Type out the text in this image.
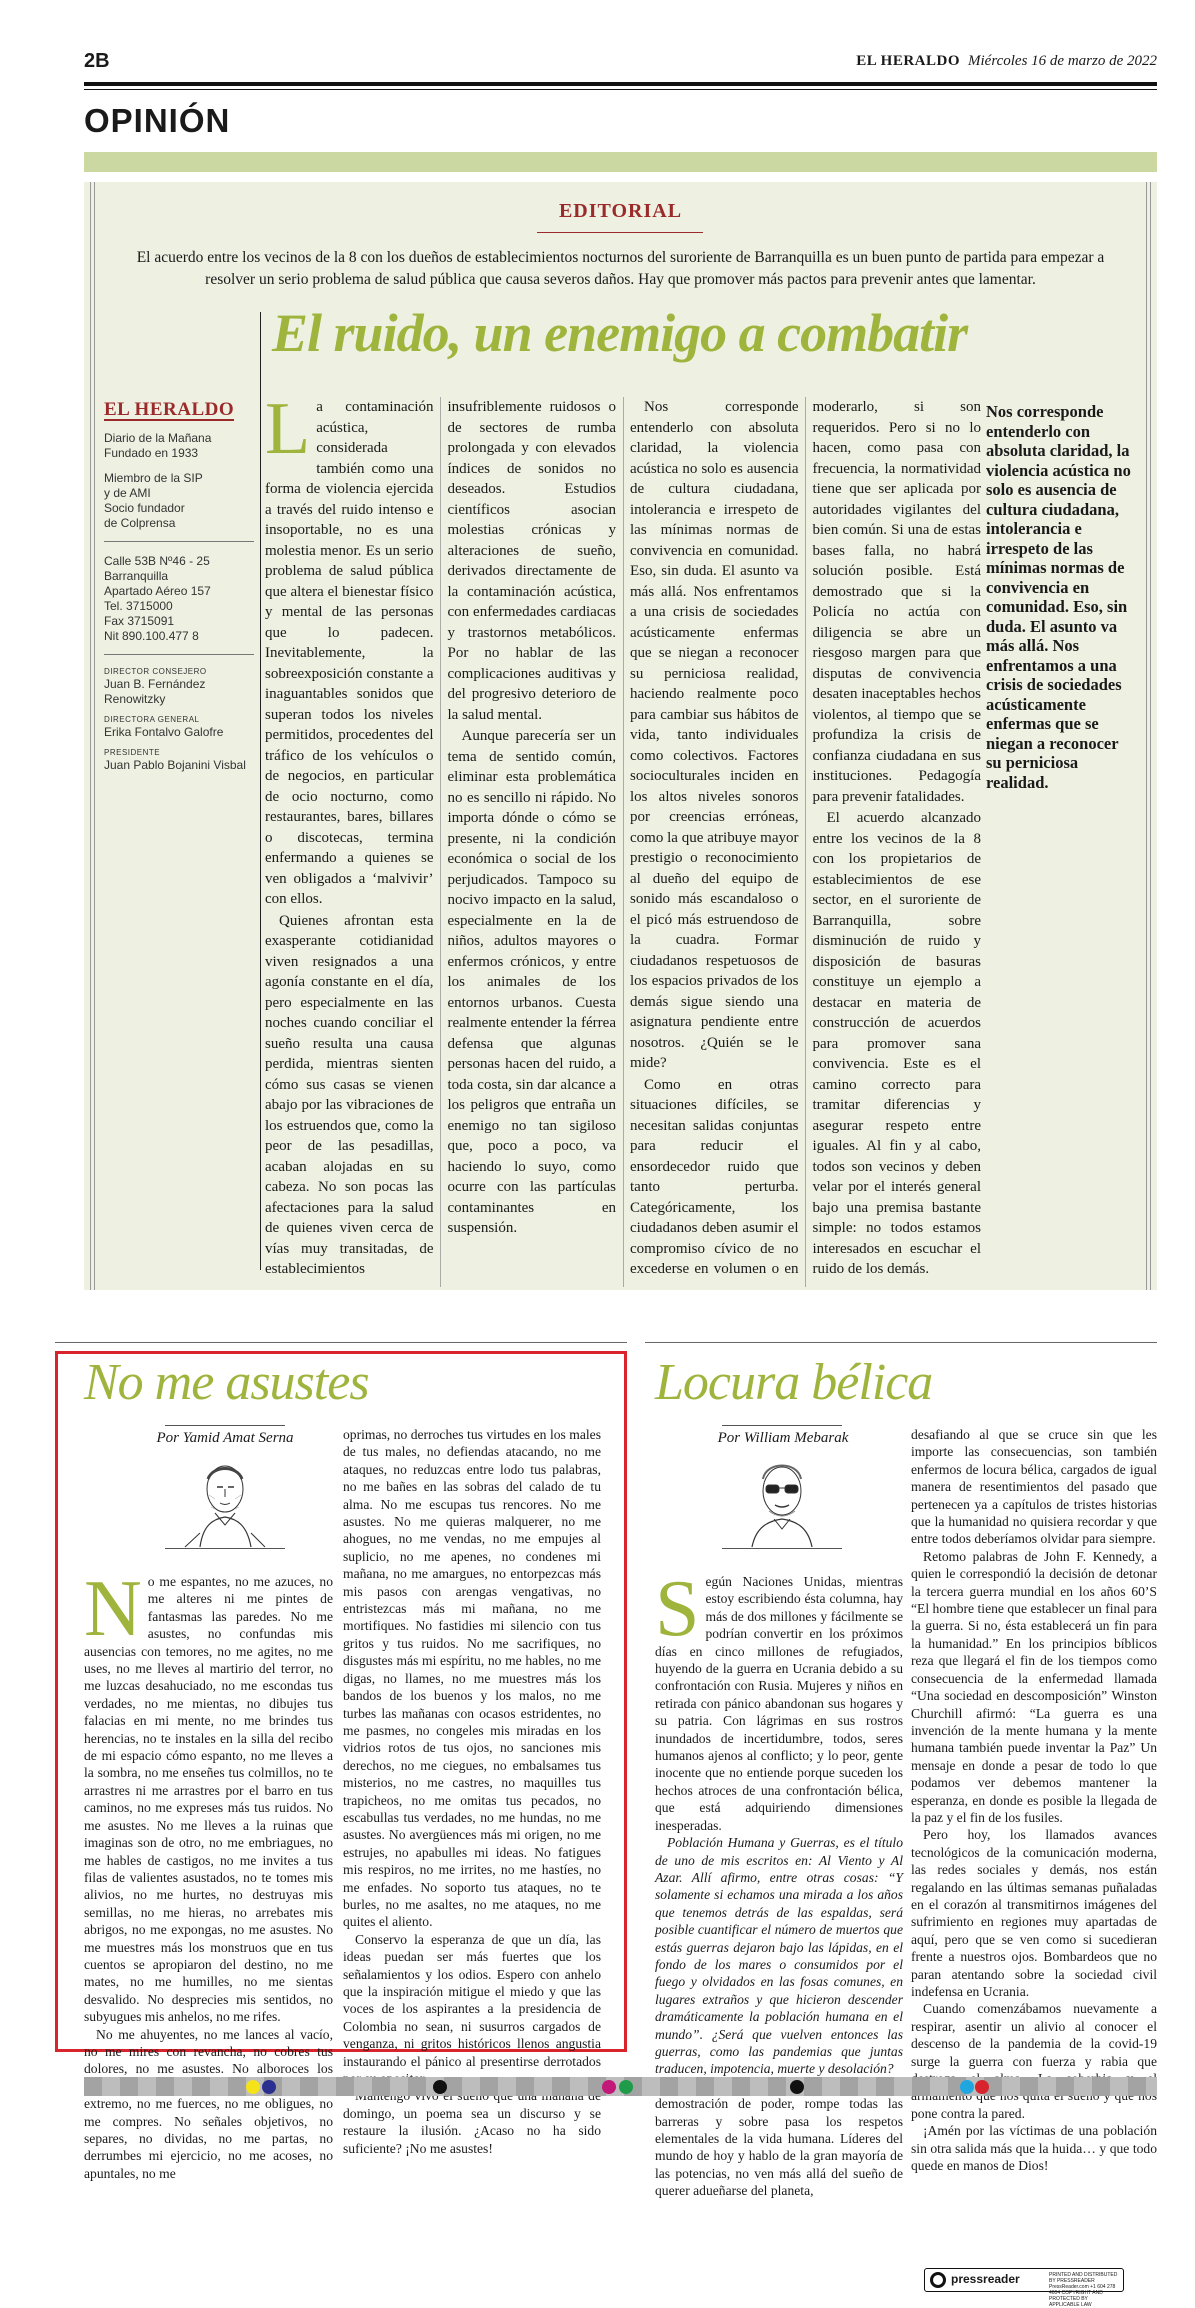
2B	EL HERALDO Miércoles 16 de marzo de 2022
OPINIÓN
EDITORIAL
El acuerdo entre los vecinos de la 8 con los dueños de establecimientos nocturnos del suroriente de Barranquilla es un buen punto de partida para empezar a resolver un serio problema de salud pública que causa severos daños. Hay que promover más pactos para prevenir antes que lamentar.
El ruido, un enemigo a combatir
EL HERALDO

Diario de la Mañana
Fundado en 1933

Miembro de la SIP
y de AMI
Socio fundador
de Colprensa

Calle 53B Nº46 - 25
Barranquilla
Apartado Aéreo 157
Tel. 3715000
Fax 3715091
Nit 890.100.477 8

DIRECTOR CONSEJERO
Juan B. Fernández Renowitzky
DIRECTORA GENERAL
Erika Fontalvo Galofre
PRESIDENTE
Juan Pablo Bojanini Visbal

La contaminación acústica, considerada también como una forma de violencia ejercida a través del ruido intenso e insoportable, no es una molestia menor. Es un serio problema de salud pública que altera el bienestar físico y mental de las personas que lo padecen. Inevitablemente, la sobreexposición constante a inaguantables sonidos que superan todos los niveles permitidos, procedentes del tráfico de los vehículos o de negocios, en particular de ocio nocturno, como restaurantes, bares, billares o discotecas, termina enfermando a quienes se ven obligados a ‘malvivir’ con ellos.

Quienes afrontan esta exasperante cotidianidad viven resignados a una agonía constante en el día, pero especialmente en las noches cuando conciliar el sueño resulta una causa perdida, mientras sienten cómo sus casas se vienen abajo por las vibraciones de los estruendos que, como la peor de las pesadillas, acaban alojadas en su cabeza. No son pocas las afectaciones para la salud de quienes viven cerca de vías muy transitadas, de establecimientos insufriblemente ruidosos o de sectores de rumba prolongada y con elevados índices de sonidos no deseados. Estudios científicos asocian molestias crónicas y alteraciones de sueño, derivados directamente de la contaminación acústica, con enfermedades cardiacas y trastornos metabólicos. Por no hablar de las complicaciones auditivas y del progresivo deterioro de la salud mental.

Aunque parecería ser un tema de sentido común, eliminar esta problemática no es sencillo ni rápido. No importa dónde o cómo se presente, ni la condición económica o social de los perjudicados. Tampoco su nocivo impacto en la salud, especialmente en la de niños, adultos mayores o enfermos crónicos, y entre los animales de los entornos urbanos. Cuesta realmente entender la férrea defensa que algunas personas hacen del ruido, a toda costa, sin dar alcance a los peligros que entraña un enemigo no tan sigiloso que, poco a poco, va haciendo lo suyo, como ocurre con las partículas contaminantes en suspensión.

Nos corresponde entenderlo con absoluta claridad, la violencia acústica no solo es ausencia de cultura ciudadana, intolerancia e irrespeto de las mínimas normas de convivencia en comunidad. Eso, sin duda. El asunto va más allá. Nos enfrentamos a una crisis de sociedades acústicamente enfermas que se niegan a reconocer su perniciosa realidad, haciendo realmente poco para cambiar sus hábitos de vida, tanto individuales como colectivos. Factores socioculturales inciden en los altos niveles sonoros por creencias erróneas, como la que atribuye mayor prestigio o reconocimiento al dueño del equipo de sonido más escandaloso o el picó más estruendoso de la cuadra. Formar ciudadanos respetuosos de los espacios privados de los demás sigue siendo una asignatura pendiente entre nosotros. ¿Quién se le mide?

Como en otras situaciones difíciles, se necesitan salidas conjuntas para reducir el ensordecedor ruido que tanto perturba. Categóricamente, los ciudadanos deben asumir el compromiso cívico de no excederse en volumen o en moderarlo, si son requeridos. Pero si no lo hacen, como pasa con frecuencia, la normatividad tiene que ser aplicada por autoridades vigilantes del bien común. Si una de estas bases falla, no habrá solución posible. Está demostrado que si la Policía no actúa con diligencia se abre un riesgoso margen para que disputas de convivencia desaten inaceptables hechos violentos, al tiempo que se profundiza la crisis de confianza ciudadana en sus instituciones. Pedagogía para prevenir fatalidades.

El acuerdo alcanzado entre los vecinos de la 8 con los propietarios de establecimientos de ese sector, en el suroriente de Barranquilla, sobre disminución de ruido y disposición de basuras constituye un ejemplo a destacar en materia de construcción de acuerdos para promover sana convivencia. Este es el camino correcto para tramitar diferencias y asegurar respeto entre iguales. Al fin y al cabo, todos son vecinos y deben velar por el interés general bajo una premisa bastante simple: no todos estamos interesados en escuchar el ruido de los demás.

Nos corresponde entenderlo con absoluta claridad, la violencia acústica no solo es ausencia de cultura ciudadana, intolerancia e irrespeto de las mínimas normas de convivencia en comunidad. Eso, sin duda. El asunto va más allá. Nos enfrentamos a una crisis de sociedades acústicamente enfermas que se niegan a reconocer su perniciosa realidad.
No me asustes
Por Yamid Amat Serna

No me espantes, no me azuces, no me alteres ni me pintes de fantasmas las paredes. No me asustes, no confundas mis ausencias con temores, no me agites, no me uses, no me lleves al martirio del terror, no me luzcas desahuciado, no me escondas tus verdades, no me mientas, no dibujes tus falacias en mi mente, no me brindes tus herencias, no te instales en la silla del recibo de mi espacio cómo espanto, no me lleves a la sombra, no me enseñes tus colmillos, no te arrastres ni me arrastres por el barro en tus caminos, no me expreses más tus ruidos. No me asustes. No me lleves a la ruinas que imaginas son de otro, no me embriagues, no me hables de castigos, no me invites a tus filas de valientes asustados, no te tomes mis alivios, no me hurtes, no destruyas mis semillas, no me hieras, no arrebates mis abrigos, no me expongas, no me asustes. No me muestres más los monstruos que en tus cuentos se apropiaron del destino, no me mates, no me humilles, no me sientas desvalido. No desprecies mis sentidos, no subyugues mis anhelos, no me rifes.

No me ahuyentes, no me lances al vacío, no me mires con revancha, no cobres tus dolores, no me asustes. No alboroces los extremo, no me fuerces, no me obligues, no me compres. No señales objetivos, no separes, no dividas, no me partas, no derrumbes mi ejercicio, no me acoses, no apuntales, no me

oprimas, no derroches tus virtudes en los males de tus males, no defiendas atacando, no me ataques, no reduzcas entre lodo tus palabras, no me bañes en las sobras del calado de tu alma. No me escupas tus rencores. No me asustes. No me quieras malquerer, no me ahogues, no me vendas, no me empujes al suplicio, no me apenes, no condenes mi mañana, no me amargues, no entorpezcas más mis pasos con arengas vengativas, no entristezcas más mi mañana, no me mortifiques. No fastidies mi silencio con tus gritos y tus ruidos. No me sacrifiques, no disgustes más mi espíritu, no me hables, no me digas, no llames, no me muestres más los bandos de los buenos y los malos, no me turbes las mañanas con ocasos estridentes, no me pasmes, no congeles mis miradas en los vidrios rotos de tus ojos, no sanciones mis derechos, no me ciegues, no embalsames tus misterios, no me castres, no maquilles tus trapicheos, no me omitas tus pecados, no escabullas tus verdades, no me hundas, no me asustes. No avergüences más mi origen, no me estrujes, no apabulles mi ideas. No fatigues mis respiros, no me irrites, no me hastíes, no me enfades. No soporto tus ataques, no te burles, no me asaltes, no me ataques, no me quites el aliento.

Conservo la esperanza de que un día, las ideas puedan ser más fuertes que los señalamientos y los odios. Espero con anhelo que la inspiración mitigue el miedo y que las voces de los aspirantes a la presidencia de Colombia no sean, ni susurros cargados de venganza, ni gritos históricos llenos angustia instaurando el pánico al presentirse derrotados

domingo, un poema sea un discurso y se restaure la ilusión. ¿Acaso no ha sido suficiente? ¡No me asustes!

Locura bélica
Por William Mebarak

Según Naciones Unidas, mientras estoy escribiendo ésta columna, hay más de dos millones y fácilmente se podrían convertir en los próximos días en cinco millones de refugiados, huyendo de la guerra en Ucrania debido a su confrontación con Rusia. Mujeres y niños en retirada con pánico abandonan sus hogares y su patria. Con lágrimas en sus rostros inundados de incertidumbre, todos, seres humanos ajenos al conflicto; y lo peor, gente inocente que no entiende porque suceden los hechos atroces de una confrontación bélica, que está adquiriendo dimensiones inesperadas.

Población Humana y Guerras, es el título de uno de mis escritos en: Al Viento y Al Azar. Allí afirmo, entre otras cosas: “Y solamente si echamos una mirada a los años que tenemos detrás de las espaldas, será posible cuantificar el número de muertos que estás guerras dejaron bajo las lápidas, en el fondo de los mares o consumidos por el fuego y olvidados en las fosas comunes, en lugares extraños y que hicieron descender dramáticamente la población humana en el mundo”. ¿Será que vuelven entonces las guerras, como las pandemias que juntas traducen, impotencia, muerte y desolación?

demostración de poder, rompe todas las barreras y sobre pasa los respetos elementales de la vida humana. Líderes del mundo de hoy y hablo de la gran mayoría de las potencias, no ven más allá del sueño de querer adueñarse del planeta,

desafiando al que se cruce sin que les importe las consecuencias, son también enfermos de locura bélica, cargados de igual manera de resentimientos del pasado que pertenecen ya a capítulos de tristes historias que la humanidad no quisiera recordar y que entre todos deberíamos olvidar para siempre.

Retomo palabras de John F. Kennedy, a quien le correspondió la decisión de detonar la tercera guerra mundial en los años 60’S “El hombre tiene que establecer un final para la guerra. Si no, ésta establecerá un fin para la humanidad.” En los principios bíblicos reza que llegará el fin de los tiempos como consecuencia de la enfermedad llamada “Una sociedad en descomposición” Winston Churchill afirmó: “La guerra es una invención de la mente humana y la mente humana también puede inventar la Paz” Un mensaje en donde a pesar de todo lo que podamos ver debemos mantener la esperanza, en donde es posible la llegada de la paz y el fin de los fusiles.

Pero hoy, los llamados avances tecnológicos de la comunicación moderna, las redes sociales y demás, nos están regalando en las últimas semanas puñaladas en el corazón al transmitirnos imágenes del sufrimiento en regiones muy apartadas de aquí, pero que se ven como si sucedieran frente a nuestros ojos. Bombardeos que no paran atentando sobre la sociedad civil indefensa en Ucrania.

Cuando comenzábamos nuevamente a respirar, asentir un alivio al conocer el descenso de la pandemia de la covid-19 surge la guerra con fuerza y rabia que pone contra la pared.

¡Amén por las víctimas de una población sin otra salida más que la huida… y que todo quede en manos de Dios!

pressreader	PRINTED AND DISTRIBUTED BY PRESSREADER PressReader.com +1 604 278 4604 COPYRIGHT AND PROTECTED BY APPLICABLE LAW
